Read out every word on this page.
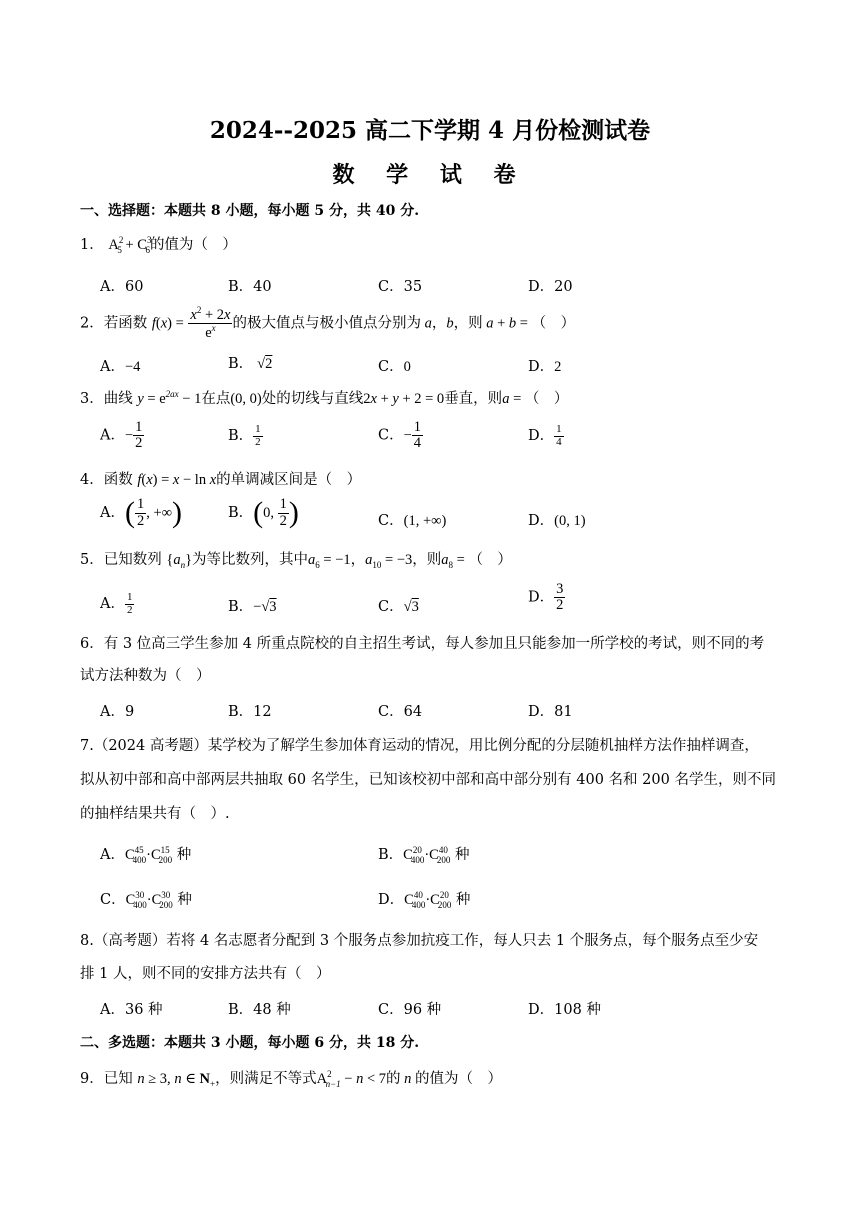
2024--2025 高二下学期 4 月份检测试卷
数 学 试 卷
一、选择题：本题共 8 小题，每小题 5 分，共 40 分.
1． $A^2_5 + C^3_6$的值为（　）
A．60	B．40	C．35	D．20
2．若函数 $f(x) = \frac{x^2 + 2x}{e^x}$ 的极大值点与极小值点分别为 a，b，则 a + b = （　）
A．−4	B． √2	C．0	D．2
3．曲线 $y = e^{2ax} - 1$在点(0, 0)处的切线与直线2x + y + 2 = 0垂直，则a = （　）
A．− $\frac{1}{2}$	B． $\frac{1}{2}$	C．− $\frac{1}{4}$	D． $\frac{1}{4}$
4．函数 f(x) = x − ln x的单调减区间是（　）
A．( $\frac{1}{2}$ , +∞)	B．(0, $\frac{1}{2}$ )	C．(1, +∞)	D．(0, 1)
5．已知数列 $\{a_n\}$为等比数列，其中$a_6 = -1$，$a_{10} = -3$，则$a_8$ = （　）
A． $\frac{1}{2}$	B．−√3	C．√3
D． $\frac{3}{2}$
6．有 3 位高三学生参加 4 所重点院校的自主招生考试，每人参加且只能参加一所学校的考试，则不同的考
试方法种数为（　）
A．9	B．12	C．64	D．81
7.（2024 高考题）某学校为了解学生参加体育运动的情况，用比例分配的分层随机抽样方法作抽样调查，
拟从初中部和高中部两层共抽取 60 名学生，已知该校初中部和高中部分别有 400 名和 200 名学生，则不同
的抽样结果共有（　）.
A．$C^{45}_{400}\cdot C^{15}_{200}$ 种	B．$C^{20}_{400}\cdot C^{40}_{200}$ 种
C．$C^{30}_{400}\cdot C^{30}_{200}$ 种	D．$C^{40}_{400}\cdot C^{20}_{200}$ 种
8.（高考题）若将 4 名志愿者分配到 3 个服务点参加抗疫工作，每人只去 1 个服务点，每个服务点至少安
排 1 人，则不同的安排方法共有（　）
A．36 种	B．48 种	C．96 种	D．108 种
二、多选题：本题共 3 小题，每小题 6 分，共 18 分.
9．已知 n ≥ 3, n ∈ $N_+$，则满足不等式$A^2_{n-1} - n < 7$的 n 的值为（　）
